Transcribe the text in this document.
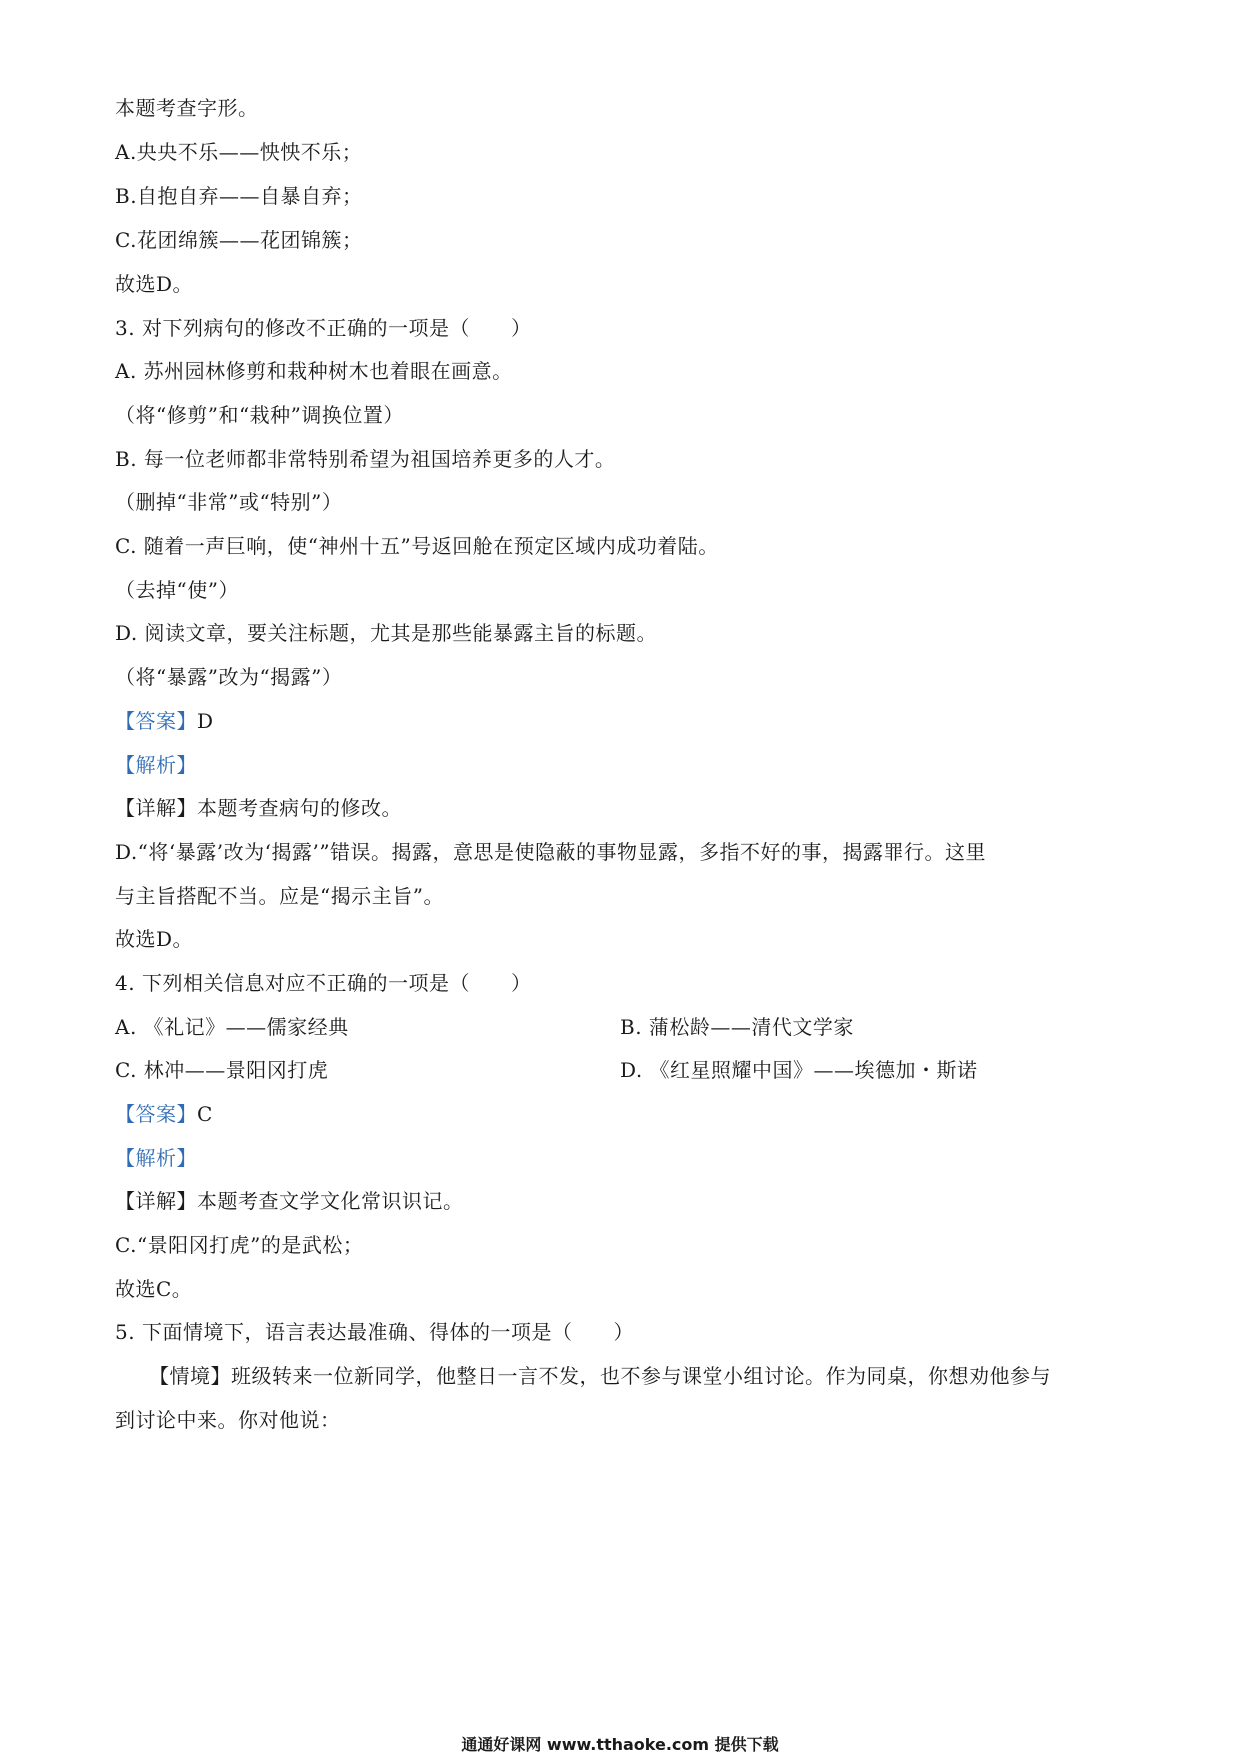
本题考查字形。
A.央央不乐——怏怏不乐；
B.自抱自弃——自暴自弃；
C.花团绵簇——花团锦簇；
故选D。
3. 对下列病句的修改不正确的一项是（　　）
A. 苏州园林修剪和栽种树木也着眼在画意。
（将“修剪”和“栽种”调换位置）
B. 每一位老师都非常特别希望为祖国培养更多的人才。
（删掉“非常”或“特别”）
C. 随着一声巨响，使“神州十五”号返回舱在预定区域内成功着陆。
（去掉“使”）
D. 阅读文章，要关注标题，尤其是那些能暴露主旨的标题。
（将“暴露”改为“揭露”）
【答案】D
【解析】
【详解】本题考查病句的修改。
D.“将‘暴露’改为‘揭露’”错误。揭露，意思是使隐蔽的事物显露，多指不好的事，揭露罪行。这里
与主旨搭配不当。应是“揭示主旨”。
故选D。
4. 下列相关信息对应不正确的一项是（　　）
A. 《礼记》——儒家经典	B. 蒲松龄——清代文学家
C. 林冲——景阳冈打虎	D. 《红星照耀中国》——埃德加・斯诺
【答案】C
【解析】
【详解】本题考查文学文化常识识记。
C.“景阳冈打虎”的是武松；
故选C。
5. 下面情境下，语言表达最准确、得体的一项是（　　）
【情境】班级转来一位新同学，他整日一言不发，也不参与课堂小组讨论。作为同桌，你想劝他参与
到讨论中来。你对他说：
通通好课网 www.tthaoke.com 提供下载
